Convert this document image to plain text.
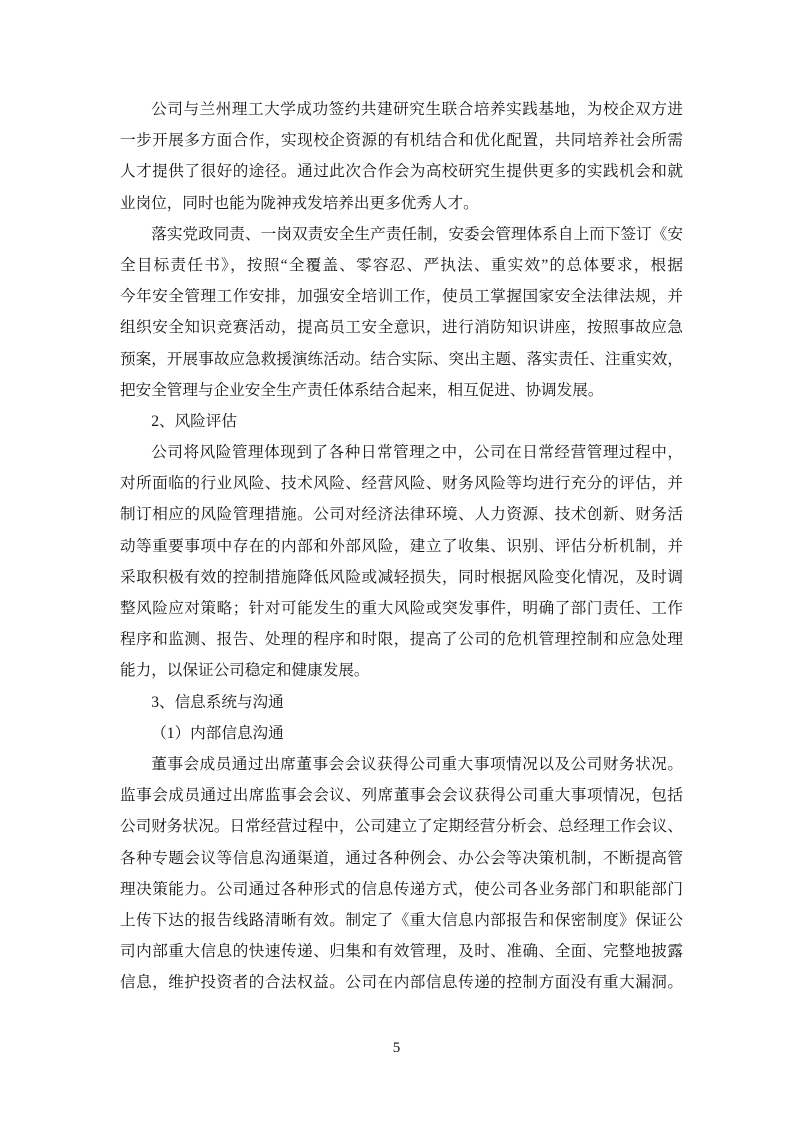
公司与兰州理工大学成功签约共建研究生联合培养实践基地，为校企双方进
一步开展多方面合作，实现校企资源的有机结合和优化配置，共同培养社会所需
人才提供了很好的途径。通过此次合作会为高校研究生提供更多的实践机会和就
业岗位，同时也能为陇神戎发培养出更多优秀人才。
落实党政同责、一岗双责安全生产责任制，安委会管理体系自上而下签订《安
全目标责任书》，按照“全覆盖、零容忍、严执法、重实效”的总体要求，根据
今年安全管理工作安排，加强安全培训工作，使员工掌握国家安全法律法规，并
组织安全知识竞赛活动，提高员工安全意识，进行消防知识讲座，按照事故应急
预案，开展事故应急救援演练活动。结合实际、突出主题、落实责任、注重实效，
把安全管理与企业安全生产责任体系结合起来，相互促进、协调发展。
2、风险评估
公司将风险管理体现到了各种日常管理之中，公司在日常经营管理过程中，
对所面临的行业风险、技术风险、经营风险、财务风险等均进行充分的评估，并
制订相应的风险管理措施。公司对经济法律环境、人力资源、技术创新、财务活
动等重要事项中存在的内部和外部风险，建立了收集、识别、评估分析机制，并
采取积极有效的控制措施降低风险或减轻损失，同时根据风险变化情况，及时调
整风险应对策略；针对可能发生的重大风险或突发事件，明确了部门责任、工作
程序和监测、报告、处理的程序和时限，提高了公司的危机管理控制和应急处理
能力，以保证公司稳定和健康发展。
3、信息系统与沟通
（1）内部信息沟通
董事会成员通过出席董事会会议获得公司重大事项情况以及公司财务状况。
监事会成员通过出席监事会会议、列席董事会会议获得公司重大事项情况，包括
公司财务状况。日常经营过程中，公司建立了定期经营分析会、总经理工作会议、
各种专题会议等信息沟通渠道，通过各种例会、办公会等决策机制，不断提高管
理决策能力。公司通过各种形式的信息传递方式，使公司各业务部门和职能部门
上传下达的报告线路清晰有效。制定了《重大信息内部报告和保密制度》保证公
司内部重大信息的快速传递、归集和有效管理，及时、准确、全面、完整地披露
信息，维护投资者的合法权益。公司在内部信息传递的控制方面没有重大漏洞。
5
